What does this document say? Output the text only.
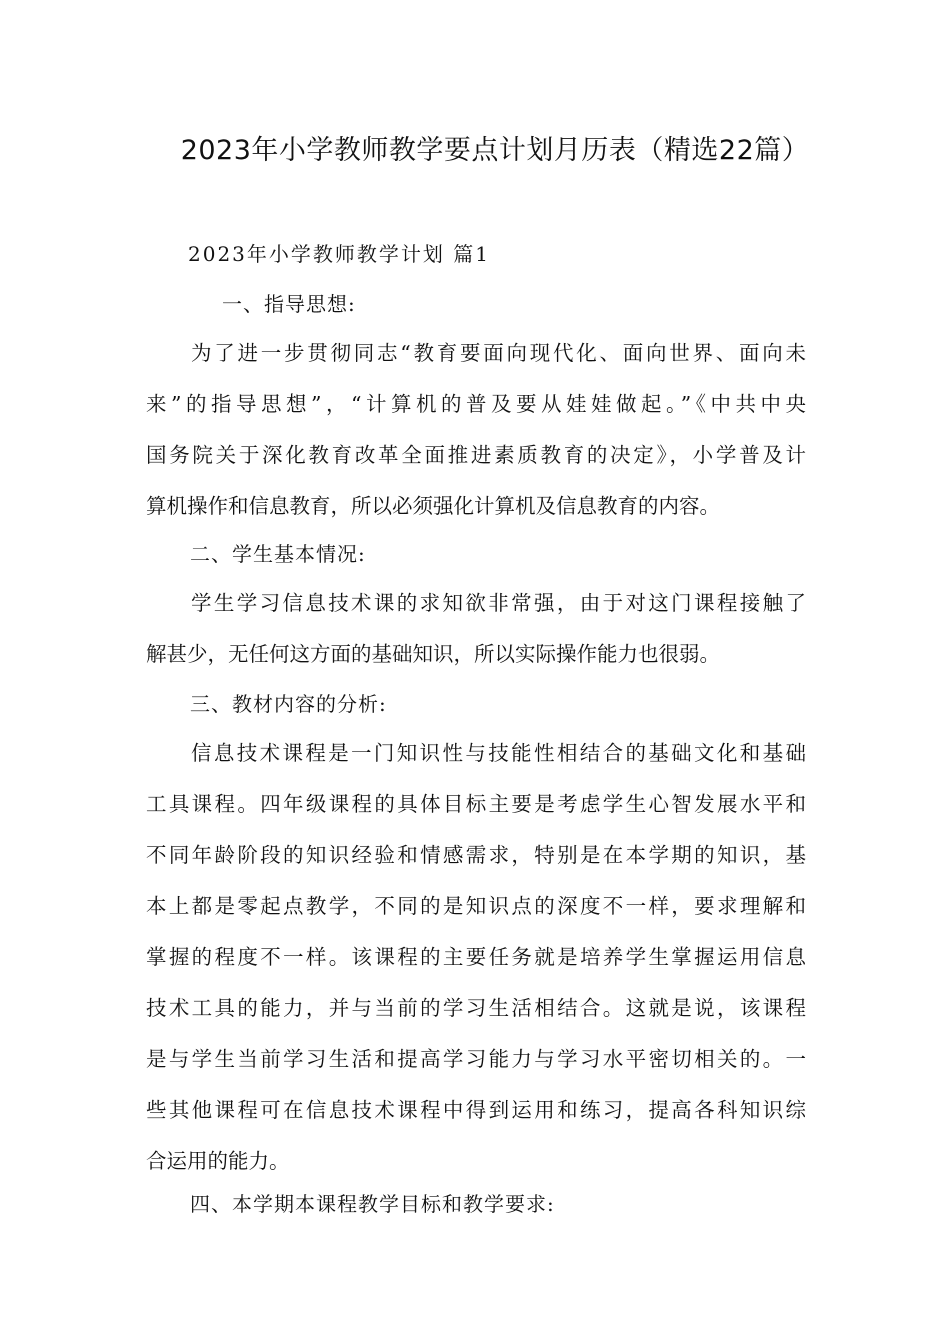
2023年小学教师教学要点计划月历表（精选22篇）
2023年小学教师教学计划 篇1
一、指导思想:
为了进一步贯彻同志“教育要面向现代化、面向世界、面向未
来”的指导思想”，“计算机的普及要从娃娃做起。”《中共中央
国务院关于深化教育改革全面推进素质教育的决定》，小学普及计
算机操作和信息教育，所以必须强化计算机及信息教育的内容。
二、学生基本情况:
学生学习信息技术课的求知欲非常强，由于对这门课程接触了
解甚少，无任何这方面的基础知识，所以实际操作能力也很弱。
三、教材内容的分析:
信息技术课程是一门知识性与技能性相结合的基础文化和基础
工具课程。四年级课程的具体目标主要是考虑学生心智发展水平和
不同年龄阶段的知识经验和情感需求，特别是在本学期的知识，基
本上都是零起点教学，不同的是知识点的深度不一样，要求理解和
掌握的程度不一样。该课程的主要任务就是培养学生掌握运用信息
技术工具的能力，并与当前的学习生活相结合。这就是说，该课程
是与学生当前学习生活和提高学习能力与学习水平密切相关的。一
些其他课程可在信息技术课程中得到运用和练习，提高各科知识综
合运用的能力。
四、本学期本课程教学目标和教学要求:
